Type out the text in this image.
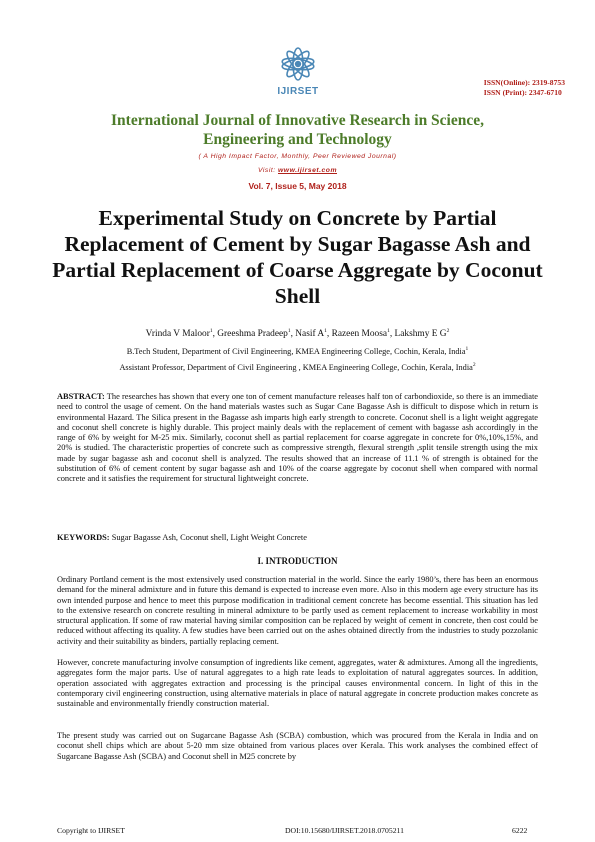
IJIRSET
ISSN(Online): 2319-8753
ISSN (Print): 2347-6710
International Journal of Innovative Research in Science,
Engineering and Technology
( A High Impact Factor, Monthly, Peer Reviewed Journal)
Visit: www.ijirset.com
Vol. 7, Issue 5, May 2018
Experimental Study on Concrete by Partial Replacement of Cement by Sugar Bagasse Ash and Partial Replacement of Coarse Aggregate by Coconut Shell
Vrinda V Maloor$^1$, Greeshma Pradeep$^1$, Nasif $A^1$, Razeen Moosa$^1$, Lakshmy E $G^2$
B.Tech Student, Department of Civil Engineering, KMEA Engineering College, Cochin, Kerala, India$^1$
Assistant Professor, Department of Civil Engineering , KMEA Engineering College, Cochin, Kerala, India$^2$

ABSTRACT: The researches has shown that every one ton of cement manufacture releases half ton of carbondioxide, so there is an immediate need to control the usage of cement. On the hand materials wastes such as Sugar Cane Bagasse Ash is difficult to dispose which in return is environmental Hazard. The Silica present in the Bagasse ash imparts high early strength to concrete. Coconut shell is a light weight aggregate and coconut shell concrete is highly durable. This project mainly deals with the replacement of cement with bagasse ash accordingly in the range of 6% by weight for M-25 mix. Similarly, coconut shell as partial replacement for coarse aggregate in concrete for 0%,10%,15%, and 20% is studied. The characteristic properties of concrete such as compressive strength, flexural strength ,split tensile strength using the mix made by sugar bagasse ash and coconut shell is analyzed. The results showed that an increase of 11.1 % of strength is obtained for the substitution of 6% of cement content by sugar bagasse ash and 10% of the coarse aggregate by coconut shell when compared with normal concrete and it satisfies the requirement for structural lightweight concrete.

KEYWORDS: Sugar Bagasse Ash, Coconut shell, Light Weight Concrete

I. INTRODUCTION

Ordinary Portland cement is the most extensively used construction material in the world. Since the early 1980’s, there has been an enormous demand for the mineral admixture and in future this demand is expected to increase even more. Also in this modern age every structure has its own intended purpose and hence to meet this purpose modification in traditional cement concrete has become essential. This situation has led to the extensive research on concrete resulting in mineral admixture to be partly used as cement replacement to increase workability in most structural application. If some of raw material having similar composition can be replaced by weight of cement in concrete, then cost could be reduced without affecting its quality. A few studies have been carried out on the ashes obtained directly from the industries to study pozzolanic activity and their suitability as binders, partially replacing cement.

However, concrete manufacturing involve consumption of ingredients like cement, aggregates, water & admixtures. Among all the ingredients, aggregates form the major parts. Use of natural aggregates to a high rate leads to exploitation of natural aggregates sources. In addition, operation associated with aggregates extraction and processing is the principal causes environmental concern. In light of this in the contemporary civil engineering construction, using alternative materials in place of natural aggregate in concrete production makes concrete as sustainable and environmentally friendly construction material.

The present study was carried out on Sugarcane Bagasse Ash (SCBA) combustion, which was procured from the Kerala in India and on coconut shell chips which are about 5-20 mm size obtained from various places over Kerala. This work analyses the combined effect of Sugarcane Bagasse Ash (SCBA) and Coconut shell in M25 concrete by

Copyright to IJIRSET	DOI:10.15680/IJIRSET.2018.0705211	6222
